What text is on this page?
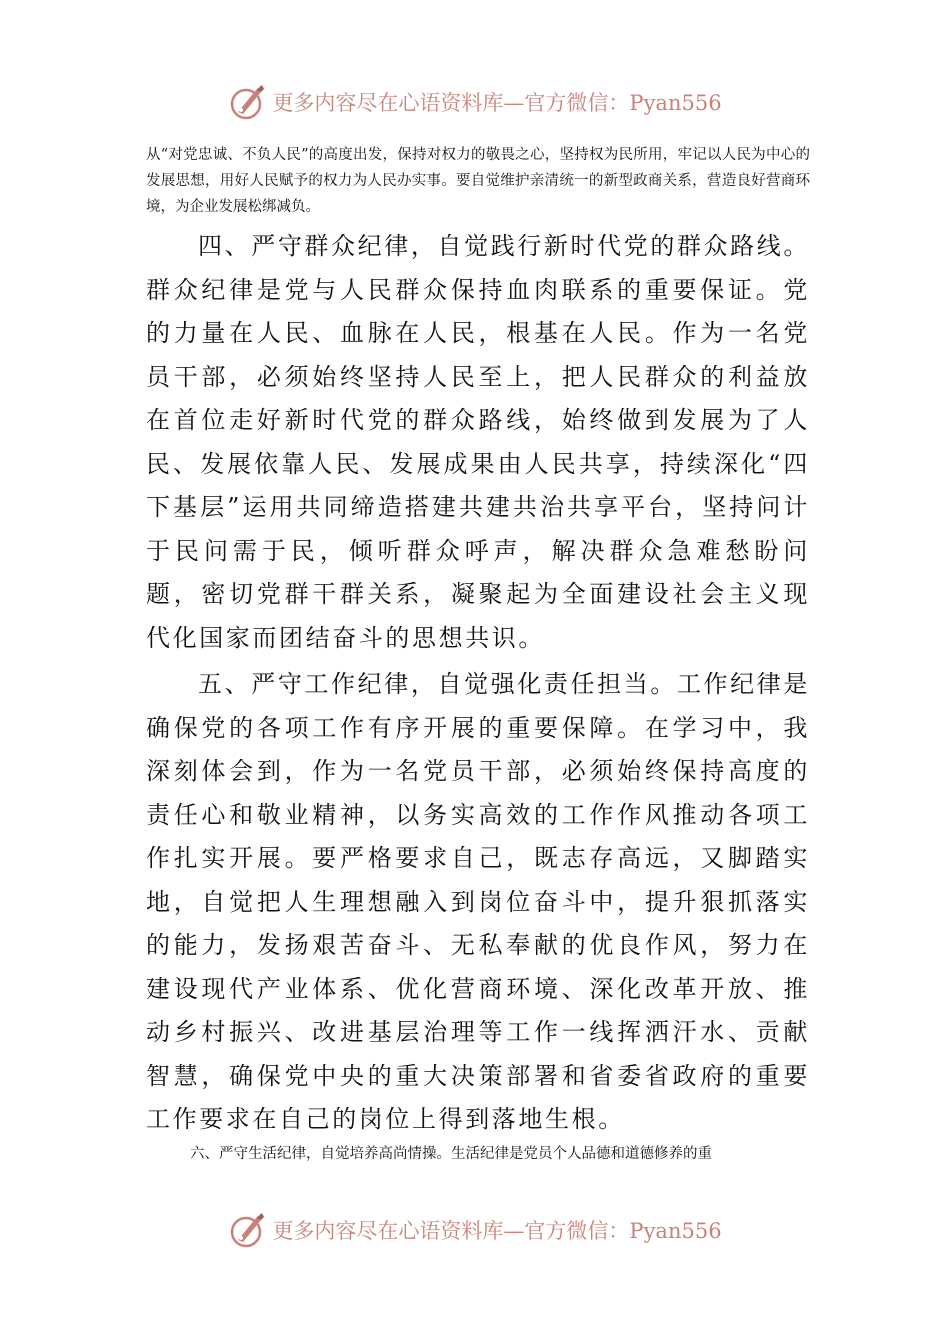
更多内容尽在心语资料库—官方微信：Pyan556

从“对党忠诚、不负人民”的高度出发，保持对权力的敬畏之心，坚持权为民所用，牢记以人民为中心的发展思想，用好人民赋予的权力为人民办实事。要自觉维护亲清统一的新型政商关系，营造良好营商环境，为企业发展松绑减负。

四、严守群众纪律，自觉践行新时代党的群众路线。群众纪律是党与人民群众保持血肉联系的重要保证。党的力量在人民、血脉在人民，根基在人民。作为一名党员干部，必须始终坚持人民至上，把人民群众的利益放在首位走好新时代党的群众路线，始终做到发展为了人民、发展依靠人民、发展成果由人民共享，持续深化“四下基层”运用共同缔造搭建共建共治共享平台，坚持问计于民问需于民，倾听群众呼声，解决群众急难愁盼问题，密切党群干群关系，凝聚起为全面建设社会主义现代化国家而团结奋斗的思想共识。

五、严守工作纪律，自觉强化责任担当。工作纪律是确保党的各项工作有序开展的重要保障。在学习中，我深刻体会到，作为一名党员干部，必须始终保持高度的责任心和敬业精神，以务实高效的工作作风推动各项工作扎实开展。要严格要求自己，既志存高远，又脚踏实地，自觉把人生理想融入到岗位奋斗中，提升狠抓落实的能力，发扬艰苦奋斗、无私奉献的优良作风，努力在建设现代产业体系、优化营商环境、深化改革开放、推动乡村振兴、改进基层治理等工作一线挥洒汗水、贡献智慧，确保党中央的重大决策部署和省委省政府的重要工作要求在自己的岗位上得到落地生根。

六、严守生活纪律，自觉培养高尚情操。生活纪律是党员个人品德和道德修养的重

更多内容尽在心语资料库—官方微信：Pyan556
